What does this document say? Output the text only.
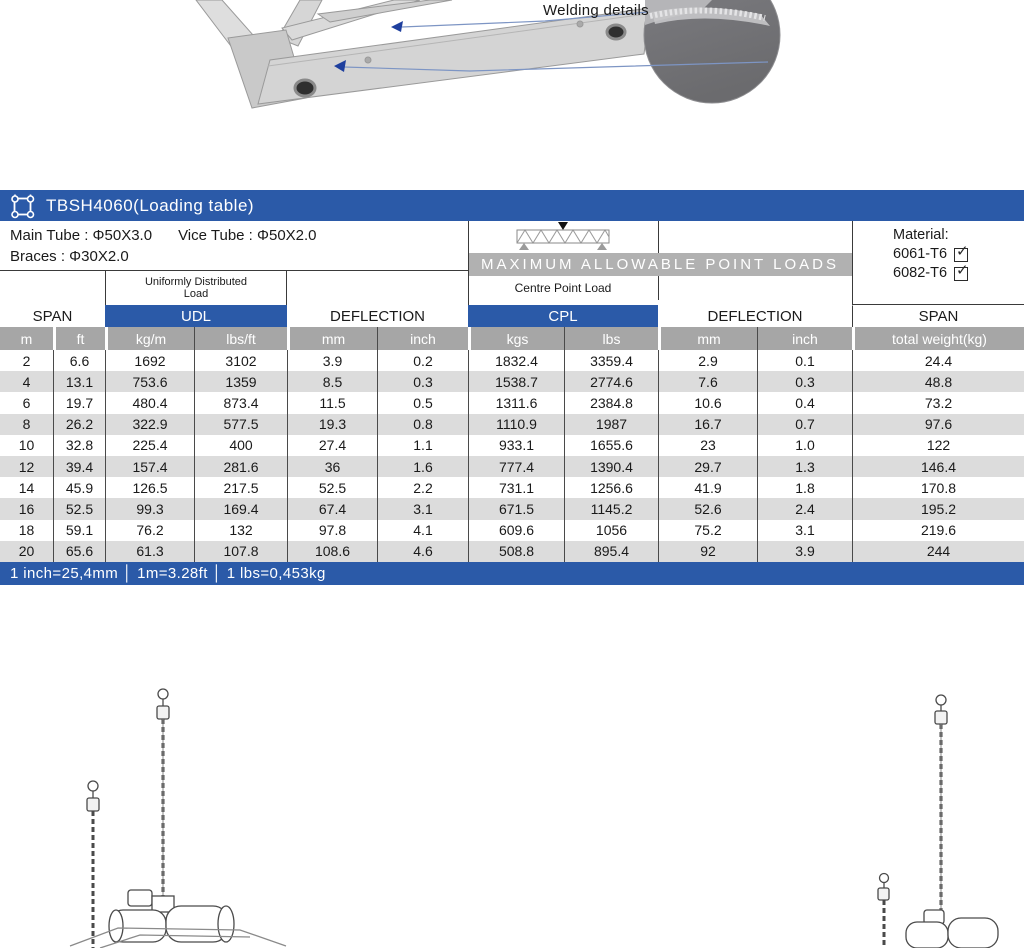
Welding details
TBSH4060(Loading table)
Main Tube : Φ50X3.0 Vice Tube : Φ50X2.0
Braces : Φ30X2.0
Uniformly Distributed Load
MAXIMUM ALLOWABLE POINT LOADS
Centre Point Load
Material:
6061-T6 ✓
6082-T6 ✓
SPAN	UDL	DEFLECTION	CPL	DEFLECTION	SPAN
m	ft	kg/m	lbs/ft	mm	inch	kgs	lbs	mm	inch	total weight(kg)
2	6.6	1692	3102	3.9	0.2	1832.4	3359.4	2.9	0.1	24.4
4	13.1	753.6	1359	8.5	0.3	1538.7	2774.6	7.6	0.3	48.8
6	19.7	480.4	873.4	11.5	0.5	1311.6	2384.8	10.6	0.4	73.2
8	26.2	322.9	577.5	19.3	0.8	1110.9	1987	16.7	0.7	97.6
10	32.8	225.4	400	27.4	1.1	933.1	1655.6	23	1.0	122
12	39.4	157.4	281.6	36	1.6	777.4	1390.4	29.7	1.3	146.4
14	45.9	126.5	217.5	52.5	2.2	731.1	1256.6	41.9	1.8	170.8
16	52.5	99.3	169.4	67.4	3.1	671.5	1145.2	52.6	2.4	195.2
18	59.1	76.2	132	97.8	4.1	609.6	1056	75.2	3.1	219.6
20	65.6	61.3	107.8	108.6	4.6	508.8	895.4	92	3.9	244
1 inch=25,4mm │ 1m=3.28ft │ 1 lbs=0,453kg
